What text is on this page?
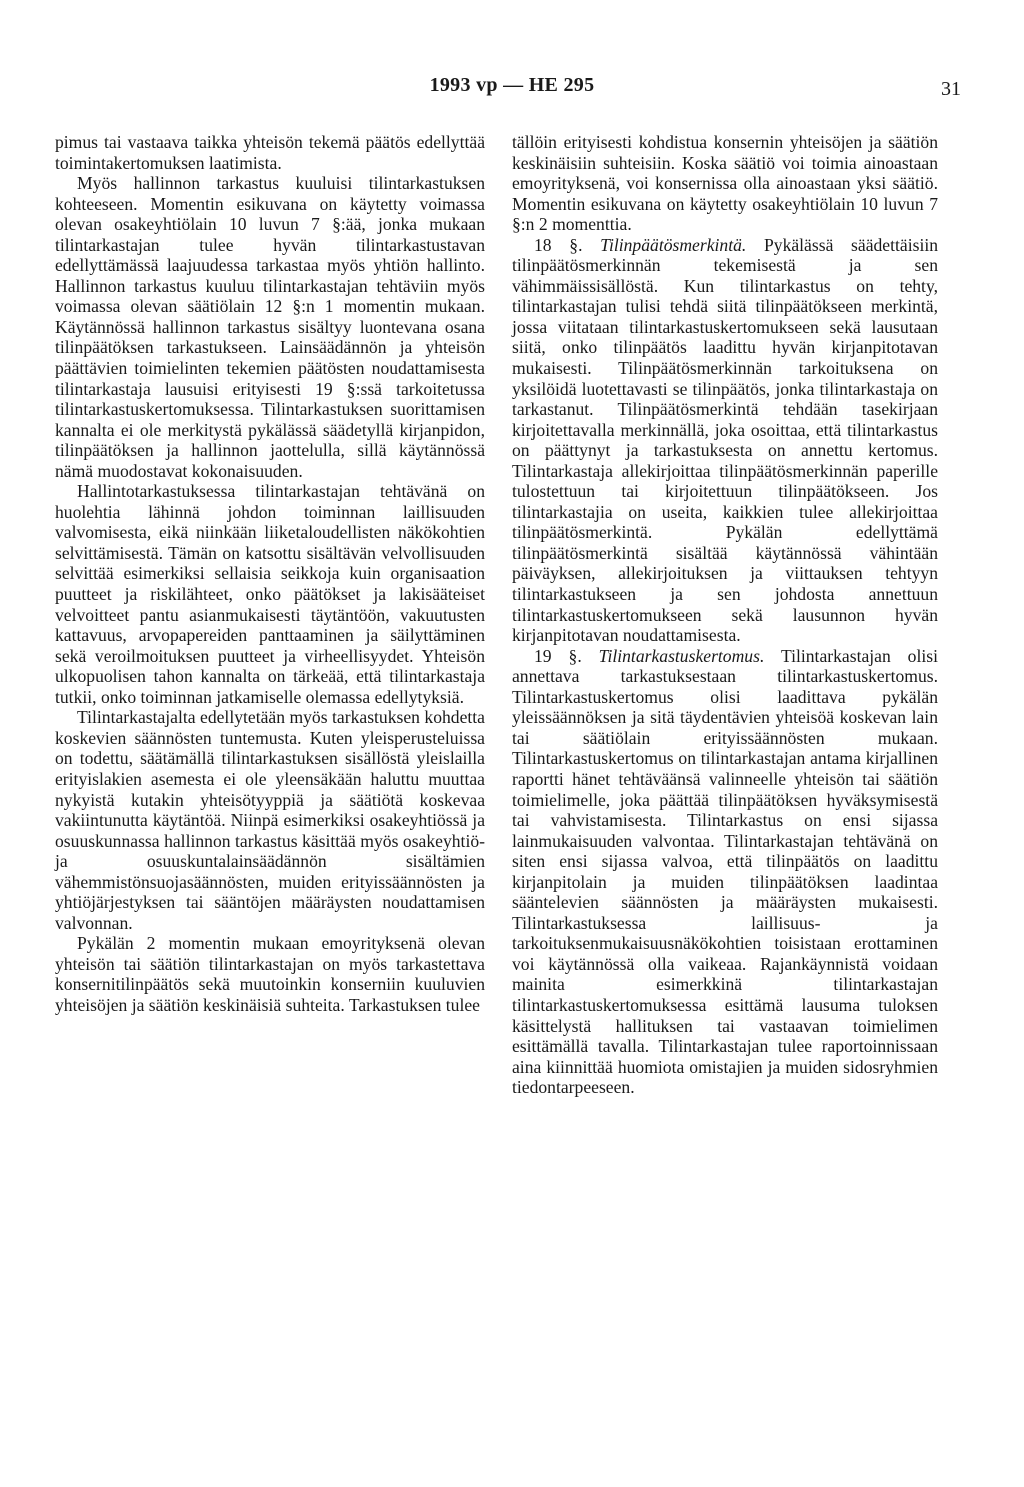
1993 vp — HE 295	31

pimus tai vastaava taikka yhteisön tekemä päätös edellyttää toimintakertomuksen laatimista.

Myös hallinnon tarkastus kuuluisi tilintarkastuksen kohteeseen. Momentin esikuvana on käytetty voimassa olevan osakeyhtiölain 10 luvun 7 §:ää, jonka mukaan tilintarkastajan tulee hyvän tilintarkastustavan edellyttämässä laajuudessa tarkastaa myös yhtiön hallinto. Hallinnon tarkastus kuuluu tilintarkastajan tehtäviin myös voimassa olevan säätiölain 12 §:n 1 momentin mukaan. Käytännössä hallinnon tarkastus sisältyy luontevana osana tilinpäätöksen tarkastukseen. Lainsäädännön ja yhteisön päättävien toimielinten tekemien päätösten noudattamisesta tilintarkastaja lausuisi erityisesti 19 §:ssä tarkoitetussa tilintarkastuskertomuksessa. Tilintarkastuksen suorittamisen kannalta ei ole merkitystä pykälässä säädetyllä kirjanpidon, tilinpäätöksen ja hallinnon jaottelulla, sillä käytännössä nämä muodostavat kokonaisuuden.

Hallintotarkastuksessa tilintarkastajan tehtävänä on huolehtia lähinnä johdon toiminnan laillisuuden valvomisesta, eikä niinkään liiketaloudellisten näkökohtien selvittämisestä. Tämän on katsottu sisältävän velvollisuuden selvittää esimerkiksi sellaisia seikkoja kuin organisaation puutteet ja riskilähteet, onko päätökset ja lakisääteiset velvoitteet pantu asianmukaisesti täytäntöön, vakuutusten kattavuus, arvopapereiden panttaaminen ja säilyttäminen sekä veroilmoituksen puutteet ja virheellisyydet. Yhteisön ulkopuolisen tahon kannalta on tärkeää, että tilintarkastaja tutkii, onko toiminnan jatkamiselle olemassa edellytyksiä.

Tilintarkastajalta edellytetään myös tarkastuksen kohdetta koskevien säännösten tuntemusta. Kuten yleisperusteluissa on todettu, säätämällä tilintarkastuksen sisällöstä yleislailla erityislakien asemesta ei ole yleensäkään haluttu muuttaa nykyistä kutakin yhteisötyyppiä ja säätiötä koskevaa vakiintunutta käytäntöä. Niinpä esimerkiksi osakeyhtiössä ja osuuskunnassa hallinnon tarkastus käsittää myös osakeyhtiö- ja osuuskuntalainsäädännön sisältämien vähemmistönsuojasäännösten, muiden erityissäännösten ja yhtiöjärjestyksen tai sääntöjen määräysten noudattamisen valvonnan.

Pykälän 2 momentin mukaan emoyrityksenä olevan yhteisön tai säätiön tilintarkastajan on myös tarkastettava konsernitilinpäätös sekä muutoinkin konserniin kuuluvien yhteisöjen ja säätiön keskinäisiä suhteita. Tarkastuksen tulee

tällöin erityisesti kohdistua konsernin yhteisöjen ja säätiön keskinäisiin suhteisiin. Koska säätiö voi toimia ainoastaan emoyrityksenä, voi konsernissa olla ainoastaan yksi säätiö. Momentin esikuvana on käytetty osakeyhtiölain 10 luvun 7 §:n 2 momenttia.

18 §. Tilinpäätösmerkintä. Pykälässä säädettäisiin tilinpäätösmerkinnän tekemisestä ja sen vähimmäissisällöstä. Kun tilintarkastus on tehty, tilintarkastajan tulisi tehdä siitä tilinpäätökseen merkintä, jossa viitataan tilintarkastuskertomukseen sekä lausutaan siitä, onko tilinpäätös laadittu hyvän kirjanpitotavan mukaisesti. Tilinpäätösmerkinnän tarkoituksena on yksilöidä luotettavasti se tilinpäätös, jonka tilintarkastaja on tarkastanut. Tilinpäätösmerkintä tehdään tasekirjaan kirjoitettavalla merkinnällä, joka osoittaa, että tilintarkastus on päättynyt ja tarkastuksesta on annettu kertomus. Tilintarkastaja allekirjoittaa tilinpäätösmerkinnän paperille tulostettuun tai kirjoitettuun tilinpäätökseen. Jos tilintarkastajia on useita, kaikkien tulee allekirjoittaa tilinpäätösmerkintä. Pykälän edellyttämä tilinpäätösmerkintä sisältää käytännössä vähintään päiväyksen, allekirjoituksen ja viittauksen tehtyyn tilintarkastukseen ja sen johdosta annettuun tilintarkastuskertomukseen sekä lausunnon hyvän kirjanpitotavan noudattamisesta.

19 §. Tilintarkastuskertomus. Tilintarkastajan olisi annettava tarkastuksestaan tilintarkastuskertomus. Tilintarkastuskertomus olisi laadittava pykälän yleissäännöksen ja sitä täydentävien yhteisöä koskevan lain tai säätiölain erityissäännösten mukaan. Tilintarkastuskertomus on tilintarkastajan antama kirjallinen raportti hänet tehtäväänsä valinneelle yhteisön tai säätiön toimielimelle, joka päättää tilinpäätöksen hyväksymisestä tai vahvistamisesta. Tilintarkastus on ensi sijassa lainmukaisuuden valvontaa. Tilintarkastajan tehtävänä on siten ensi sijassa valvoa, että tilinpäätös on laadittu kirjanpitolain ja muiden tilinpäätöksen laadintaa sääntelevien säännösten ja määräysten mukaisesti. Tilintarkastuksessa laillisuus- ja tarkoituksenmukaisuusnäkökohtien toisistaan erottaminen voi käytännössä olla vaikeaa. Rajankäynnistä voidaan mainita esimerkkinä tilintarkastajan tilintarkastuskertomuksessa esittämä lausuma tuloksen käsittelystä hallituksen tai vastaavan toimielimen esittämällä tavalla. Tilintarkastajan tulee raportoinnissaan aina kiinnittää huomiota omistajien ja muiden sidosryhmien tiedontarpeeseen.
